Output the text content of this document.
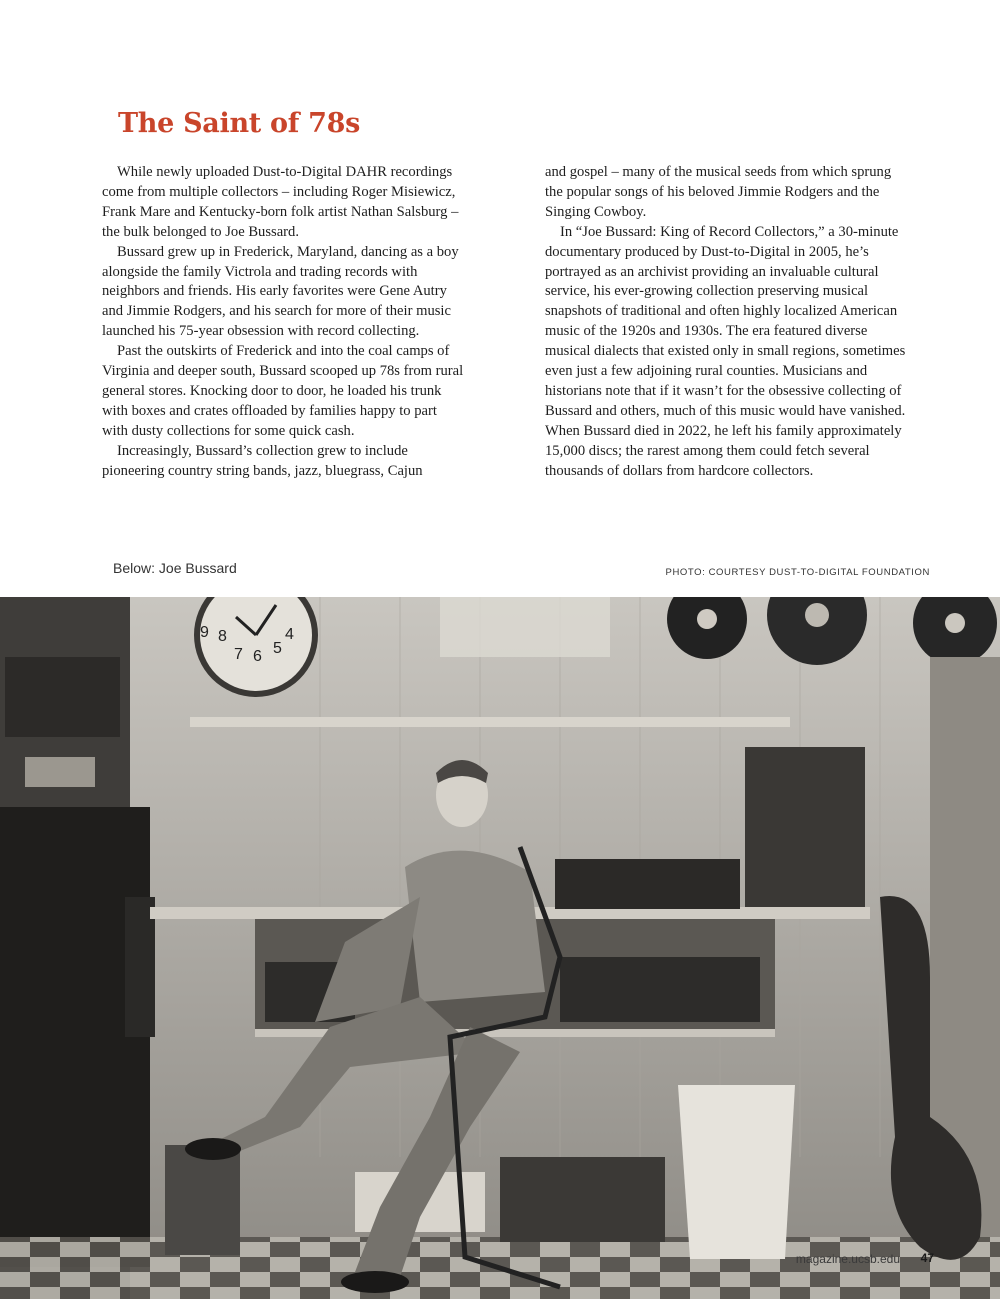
The Saint of 78s

While newly uploaded Dust-to-Digital DAHR recordings come from multiple collectors – including Roger Misiewicz, Frank Mare and Kentucky-born folk artist Nathan Salsburg – the bulk belonged to Joe Bussard.

Bussard grew up in Frederick, Maryland, dancing as a boy alongside the family Victrola and trading records with neighbors and friends. His early favorites were Gene Autry and Jimmie Rodgers, and his search for more of their music launched his 75-year obsession with record collecting.

Past the outskirts of Frederick and into the coal camps of Virginia and deeper south, Bussard scooped up 78s from rural general stores. Knocking door to door, he loaded his trunk with boxes and crates offloaded by families happy to part with dusty collections for some quick cash.

Increasingly, Bussard’s collection grew to include pioneering country string bands, jazz, bluegrass, Cajun

and gospel – many of the musical seeds from which sprung the popular songs of his beloved Jimmie Rodgers and the Singing Cowboy.

In “Joe Bussard: King of Record Collectors,” a 30-minute documentary produced by Dust-to-Digital in 2005, he’s portrayed as an archivist providing an invaluable cultural service, his ever-growing collection preserving musical snapshots of traditional and often highly localized American music of the 1920s and 1930s. The era featured diverse musical dialects that existed only in small regions, sometimes even just a few adjoining rural counties. Musicians and historians note that if it wasn’t for the obsessive collecting of Bussard and others, much of this music would have vanished. When Bussard died in 2022, he left his family approximately 15,000 discs; the rarest among them could fetch several thousands of dollars from hardcore collectors.

Below: Joe Bussard	PHOTO: COURTESY DUST-TO-DIGITAL FOUNDATION
9 8
7 6 5
4
magazine.ucsb.edu 47
